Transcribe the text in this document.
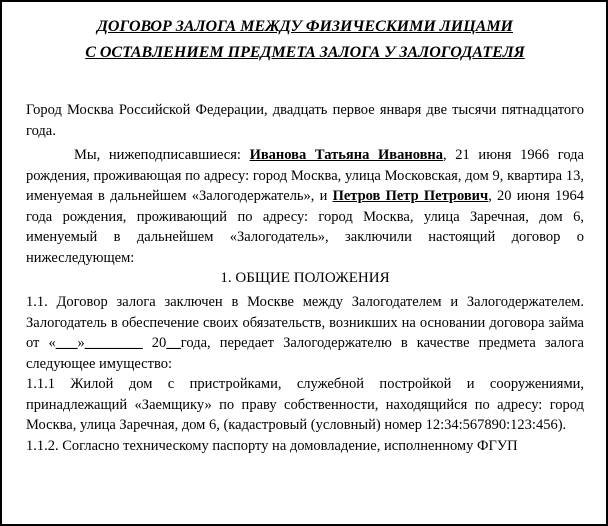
ДОГОВОР ЗАЛОГА МЕЖДУ ФИЗИЧЕСКИМИ ЛИЦАМИ

С ОСТАВЛЕНИЕМ ПРЕДМЕТА ЗАЛОГА У ЗАЛОГОДАТЕЛЯ

Город Москва Российской Федерации, двадцать первое января две тысячи пятнадцатого года.

Мы, нижеподписавшиеся: Иванова Татьяна Ивановна, 21 июня 1966 года рождения, проживающая по адресу: город Москва, улица Московская, дом 9, квартира 13, именуемая в дальнейшем «Залогодержатель», и Петров Петр Петрович, 20 июня 1964 года рождения, проживающий по адресу: город Москва, улица Заречная, дом 6, именуемый в дальнейшем «Залогодатель», заключили настоящий договор о нижеследующем:

1. ОБЩИЕ ПОЛОЖЕНИЯ

1.1. Договор залога заключен в Москве между Залогодателем и Залогодержателем. Залогодатель в обеспечение своих обязательств, возникших на основании договора займа от «___»________ 20__года, передает Залогодержателю в качестве предмета залога следующее имущество:

1.1.1 Жилой дом с пристройками, служебной постройкой и сооружениями, принадлежащий «Заемщику» по праву собственности, находящийся по адресу: город Москва, улица Заречная, дом 6, (кадастровый (условный) номер 12:34:567890:123:456).

1.1.2. Согласно техническому паспорту на домовладение, исполненному ФГУП
